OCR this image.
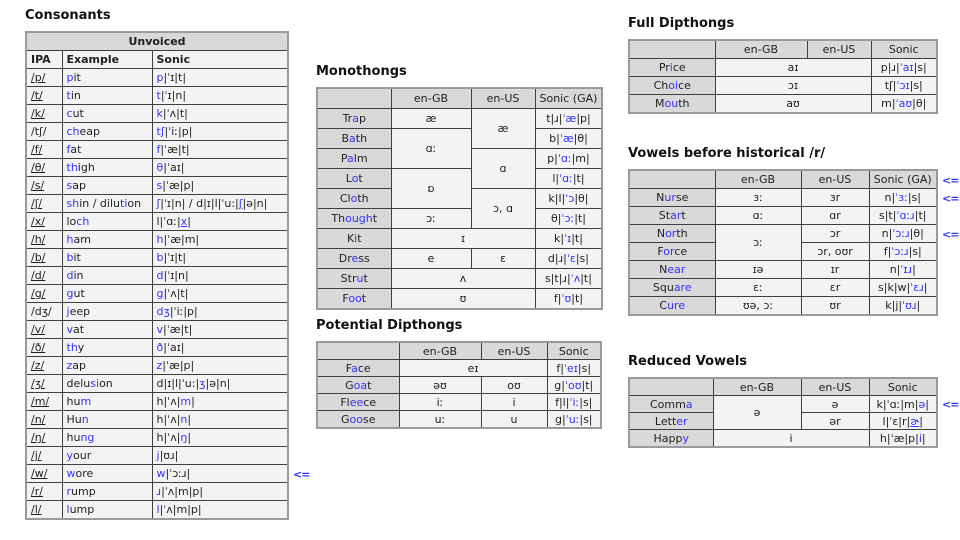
Consonants
Unvoiced		
IPA	Example	Sonic
/p/	pit	p|ˈɪ|t|
/t/	tin	t|ˈɪ|n|
/k/	cut	k|ˈʌ|t|
/tʃ/	cheap	tʃ|ˈiː|p|
/f/	fat	f|ˈæ|t|
/θ/	thigh	θ|ˈaɪ|
/s/	sap	s|ˈæ|p|
/ʃ/	shin / dilution	ʃ|ˈɪ|n| / d|ɪ|l|ˈu:|ʃ|ə|n|
/x/	loch	l|ˈɑː|x|
/h/	ham	h|ˈæ|m|
/b/	bit	b|ˈɪ|t|
/d/	din	d|ˈɪ|n|
/g/	gut	g|ˈʌ|t|
/dʒ/	jeep	dʒ|ˈiː|p|
/v/	vat	v|ˈæ|t|
/ð/	thy	ð|ˈaɪ|
/z/	zap	z|ˈæ|p|
/ʒ/	delusion	d|ɪ|l|ˈu:|ʒ|ə|n|
/m/	hum	h|ˈʌ|m|
/n/	Hun	h|ˈʌ|n|
/ŋ/	hung	h|ˈʌ|ŋ|
/j/	your	j|ʊɹ|
/w/	wore	w|ˈɔːɹ|
/r/	rump	ɹ|ˈʌ|m|p|
/l/	lump	l|ˈʌ|m|p|
<=
Monothongs
	en-GB	en-US	Sonic (GA)
Trap	æ	æ	t|ɹ|ˈæ|p|
Bath	ɑː		b|ˈæ|θ|
Palm		ɑ	p|ˈɑː|m|
Lot	ɒ		l|ˈɑː|t|
Cloth		ɔ, ɑ	k|l|ˈɔ|θ|
Thought	ɔː		θ|ˈɔː|t|
Kit	ɪ		k|ˈɪ|t|
Dress	e	ɛ	d|ɹ|ˈɛ|s|
Strut	ʌ		s|t|ɹ|ˈʌ|t|
Foot	ʊ		f|ˈʊ|t|
Potential Dipthongs
	en-GB	en-US	Sonic
Face	eɪ		f|ˈeɪ|s|
Goat	əʊ	oʊ	g|ˈoʊ|t|
Fleece	iː	i	f|l|ˈiː|s|
Goose	uː	u	g|ˈuː|s|
Full Dipthongs
	en-GB	en-US	Sonic
Price	aɪ		p|ɹ|ˈaɪ|s|
Choice	ɔɪ		tʃ|ˈɔɪ|s|
Mouth	aʊ		m|ˈaʊ|θ|
Vowels before historical /r/
	en-GB	en-US	Sonic (GA)
Nurse	ɜː	ɜr	n|ˈɜː|s|
Start	ɑː	ɑr	s|t|ˈɑːɹ|t|
North	ɔː	ɔr	n|ˈɔːɹ|θ|
Force		ɔr, oʊr	f|ˈɔːɹ|s|
Near	ɪə	ɪr	n|ˈɪɹ|
Square	ɛː	ɛr	s|k|w|ˈɛɹ|
Cure	ʊə, ɔː	ʊr	k|j|ˈʊɹ|
<=
<=
<=
Reduced Vowels
	en-GB	en-US	Sonic
Comma	ə	ə	k|ˈɑː|m|ə|
Letter		ər	l|ˈɛ|r|ɚ|
Happy	i		h|ˈæ|p|i|
<=
